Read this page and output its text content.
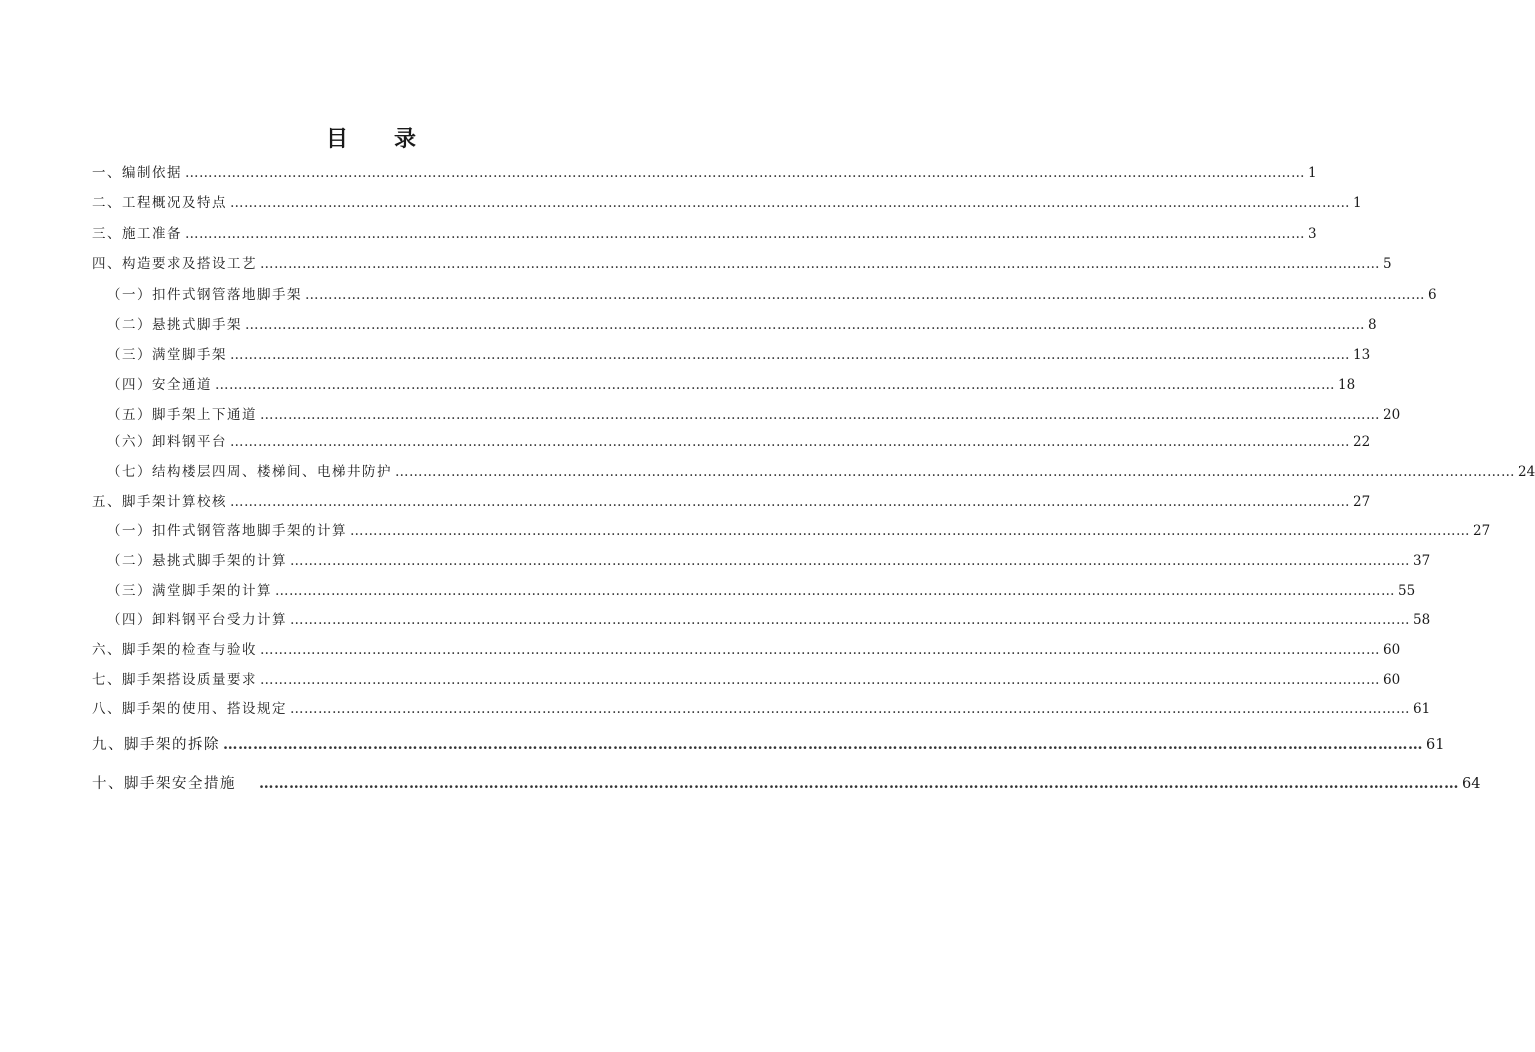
目 录
一、编制依据 …………………………………………………………………………………………………………………………………………………………………………………………………………………… 1
二、工程概况及特点 …………………………………………………………………………………………………………………………………………………………………………………………………………………… 1
三、施工准备 …………………………………………………………………………………………………………………………………………………………………………………………………………………… 3
四、构造要求及搭设工艺 …………………………………………………………………………………………………………………………………………………………………………………………………………………… 5
（一）扣件式钢管落地脚手架 …………………………………………………………………………………………………………………………………………………………………………………………………………………… 6
（二）悬挑式脚手架 …………………………………………………………………………………………………………………………………………………………………………………………………………………… 8
（三）满堂脚手架 …………………………………………………………………………………………………………………………………………………………………………………………………………………… 13
（四）安全通道 …………………………………………………………………………………………………………………………………………………………………………………………………………………… 18
（五）脚手架上下通道 …………………………………………………………………………………………………………………………………………………………………………………………………………………… 20
（六）卸料钢平台 …………………………………………………………………………………………………………………………………………………………………………………………………………………… 22
（七）结构楼层四周、楼梯间、电梯井防护 …………………………………………………………………………………………………………………………………………………………………………………………………………………… 24
五、脚手架计算校核 …………………………………………………………………………………………………………………………………………………………………………………………………………………… 27
（一）扣件式钢管落地脚手架的计算 …………………………………………………………………………………………………………………………………………………………………………………………………………………… 27
（二）悬挑式脚手架的计算 …………………………………………………………………………………………………………………………………………………………………………………………………………………… 37
（三）满堂脚手架的计算 …………………………………………………………………………………………………………………………………………………………………………………………………………………… 55
（四）卸料钢平台受力计算 …………………………………………………………………………………………………………………………………………………………………………………………………………………… 58
六、脚手架的检查与验收 …………………………………………………………………………………………………………………………………………………………………………………………………………………… 60
七、脚手架搭设质量要求 …………………………………………………………………………………………………………………………………………………………………………………………………………………… 60
八、脚手架的使用、搭设规定 …………………………………………………………………………………………………………………………………………………………………………………………………………………… 61
九、脚手架的拆除 …………………………………………………………………………………………………………………………………………………………………………………………………………………… 61
十、脚手架安全措施 …………………………………………………………………………………………………………………………………………………………………………………………………………………… 64
